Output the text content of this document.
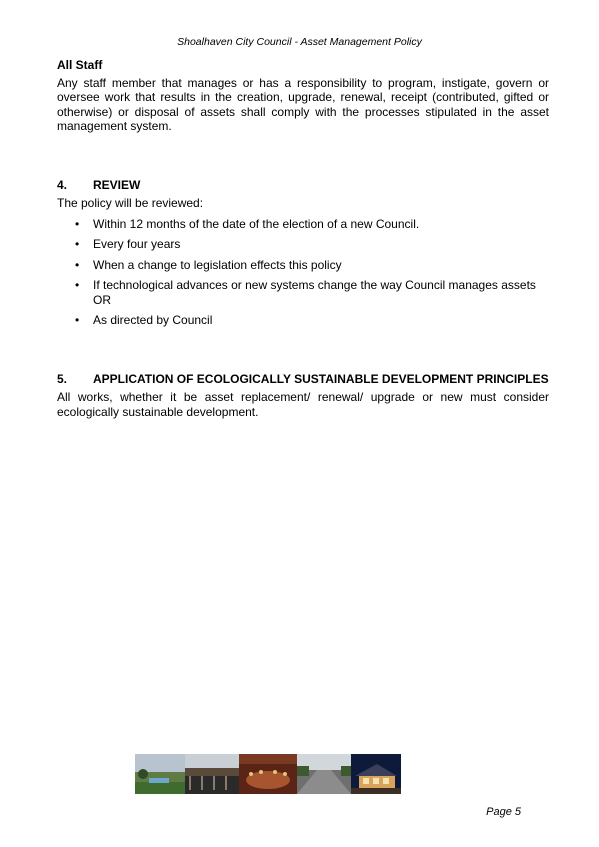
Shoalhaven City Council - Asset Management Policy
All Staff

Any staff member that manages or has a responsibility to program, instigate, govern or oversee work that results in the creation, upgrade, renewal, receipt (contributed, gifted or otherwise) or disposal of assets shall comply with the processes stipulated in the asset management system.

4.	REVIEW

The policy will be reviewed:

•	Within 12 months of the date of the election of a new Council.
•	Every four years
•	When a change to legislation effects this policy
•	If technological advances or new systems change the way Council manages assets OR
•	As directed by Council
5.	APPLICATION OF ECOLOGICALLY SUSTAINABLE DEVELOPMENT PRINCIPLES

All works, whether it be asset replacement/ renewal/ upgrade or new must consider ecologically sustainable development.

Page 5
